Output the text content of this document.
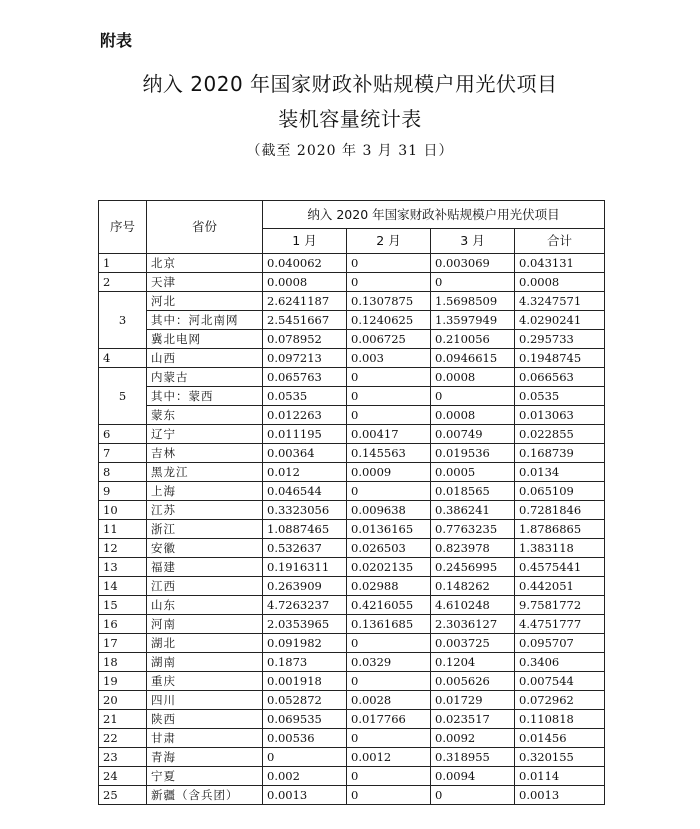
附表
纳入 2020 年国家财政补贴规模户用光伏项目
装机容量统计表
（截至 2020 年 3 月 31 日）
序号	省份	纳入 2020 年国家财政补贴规模户用光伏项目			
		1 月	2 月	3 月	合计
1	北京	0.040062	0	0.003069	0.043131
2	天津	0.0008	0	0	0.0008
3	河北	2.6241187	0.1307875	1.5698509	4.3247571
	其中：河北南网	2.5451667	0.1240625	1.3597949	4.0290241
	冀北电网	0.078952	0.006725	0.210056	0.295733
4	山西	0.097213	0.003	0.0946615	0.1948745
5	内蒙古	0.065763	0	0.0008	0.066563
	其中：蒙西	0.0535	0	0	0.0535
	蒙东	0.012263	0	0.0008	0.013063
6	辽宁	0.011195	0.00417	0.00749	0.022855
7	吉林	0.00364	0.145563	0.019536	0.168739
8	黑龙江	0.012	0.0009	0.0005	0.0134
9	上海	0.046544	0	0.018565	0.065109
10	江苏	0.3323056	0.009638	0.386241	0.7281846
11	浙江	1.0887465	0.0136165	0.7763235	1.8786865
12	安徽	0.532637	0.026503	0.823978	1.383118
13	福建	0.1916311	0.0202135	0.2456995	0.4575441
14	江西	0.263909	0.02988	0.148262	0.442051
15	山东	4.7263237	0.4216055	4.610248	9.7581772
16	河南	2.0353965	0.1361685	2.3036127	4.4751777
17	湖北	0.091982	0	0.003725	0.095707
18	湖南	0.1873	0.0329	0.1204	0.3406
19	重庆	0.001918	0	0.005626	0.007544
20	四川	0.052872	0.0028	0.01729	0.072962
21	陕西	0.069535	0.017766	0.023517	0.110818
22	甘肃	0.00536	0	0.0092	0.01456
23	青海	0	0.0012	0.318955	0.320155
24	宁夏	0.002	0	0.0094	0.0114
25	新疆（含兵团）	0.0013	0	0	0.0013
